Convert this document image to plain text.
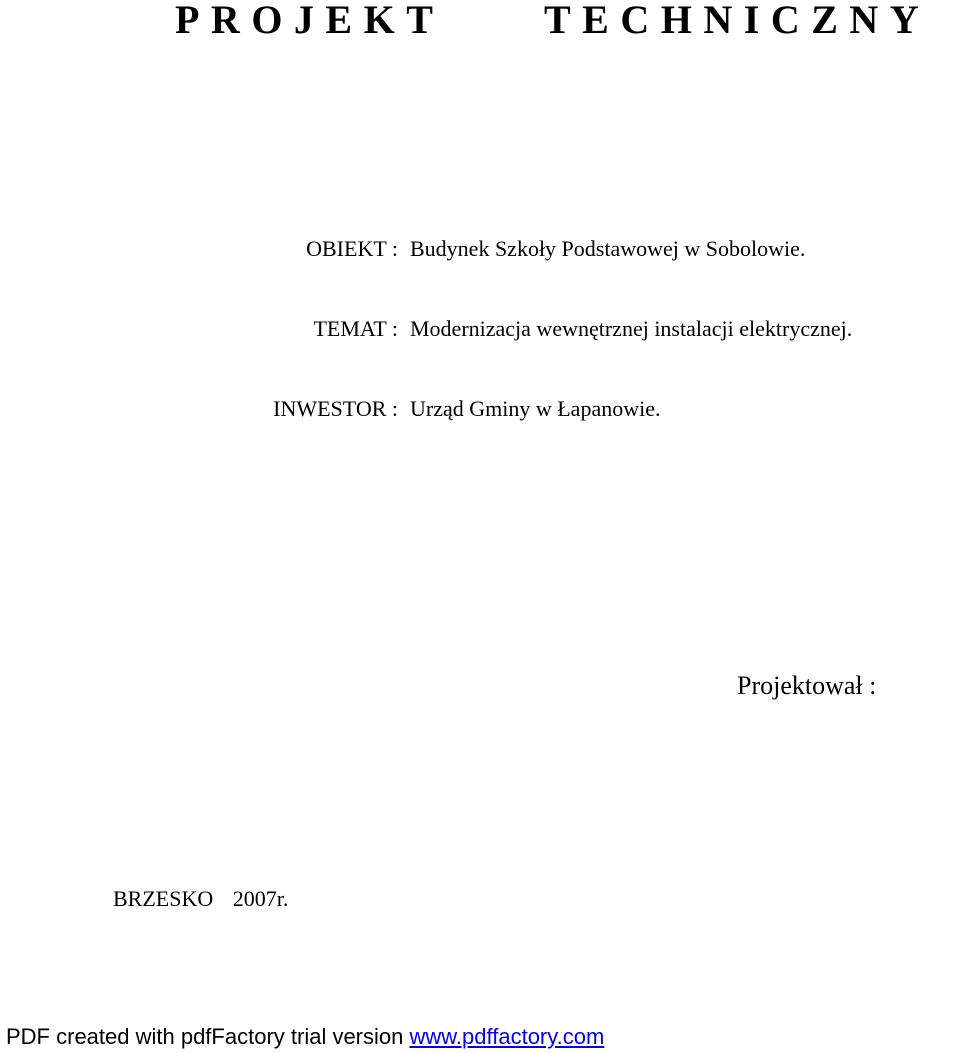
PROJEKT TECHNICZNY
OBIEKT : Budynek Szkoły Podstawowej w Sobolowie.
TEMAT : Modernizacja wewnętrznej instalacji elektrycznej.
INWESTOR : Urząd Gminy w Łapanowie.
Projektował :
BRZESKO 2007r.
PDF created with pdfFactory trial version www.pdffactory.com
